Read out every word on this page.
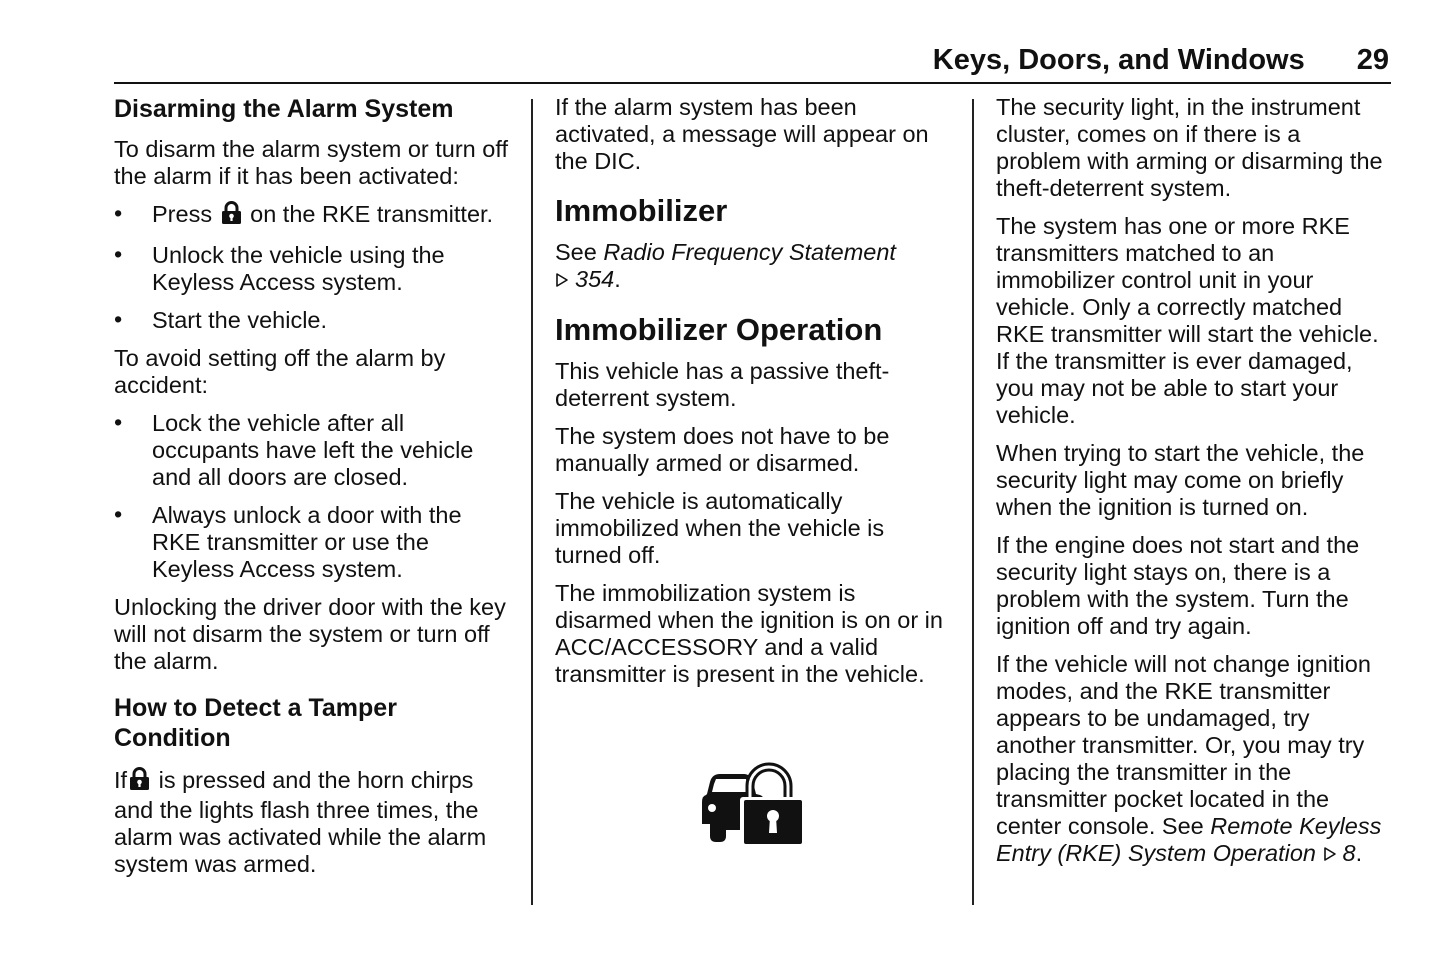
Keys, Doors, and Windows 29
Disarming the Alarm System

To disarm the alarm system or turn off the alarm if it has been activated:

• Press on the RKE transmitter.
• Unlock the vehicle using the Keyless Access system.
• Start the vehicle.

To avoid setting off the alarm by accident:

• Lock the vehicle after all occupants have left the vehicle and all doors are closed.
• Always unlock a door with the RKE transmitter or use the Keyless Access system.

Unlocking the driver door with the key will not disarm the system or turn off the alarm.

How to Detect a Tamper Condition

If is pressed and the horn chirps and the lights flash three times, the alarm was activated while the alarm system was armed.

If the alarm system has been activated, a message will appear on the DIC.

Immobilizer

See Radio Frequency Statement
354.

Immobilizer Operation

This vehicle has a passive theft-deterrent system.

The system does not have to be manually armed or disarmed.

The vehicle is automatically immobilized when the vehicle is turned off.

The immobilization system is disarmed when the ignition is on or in ACC/ACCESSORY and a valid transmitter is present in the vehicle.

The security light, in the instrument cluster, comes on if there is a problem with arming or disarming the theft-deterrent system.

The system has one or more RKE transmitters matched to an immobilizer control unit in your vehicle. Only a correctly matched RKE transmitter will start the vehicle. If the transmitter is ever damaged, you may not be able to start your vehicle.

When trying to start the vehicle, the security light may come on briefly when the ignition is turned on.

If the engine does not start and the security light stays on, there is a problem with the system. Turn the ignition off and try again.

If the vehicle will not change ignition modes, and the RKE transmitter appears to be undamaged, try another transmitter. Or, you may try placing the transmitter in the transmitter pocket located in the center console. See Remote Keyless Entry (RKE) System Operation 8.
